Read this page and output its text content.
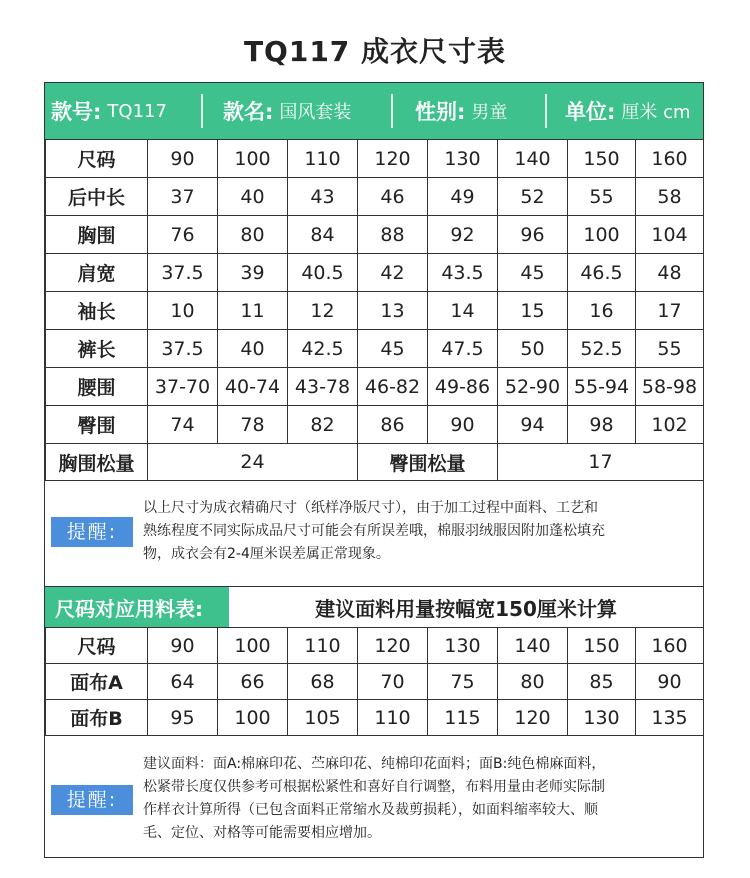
TQ117 成衣尺寸表
款号: TQ117	款名: 国风套装	性别: 男童	单位: 厘米 cm
尺码	90	100	110	120	130	140	150	160
后中长	37	40	43	46	49	52	55	58
胸围	76	80	84	88	92	96	100	104
肩宽	37.5	39	40.5	42	43.5	45	46.5	48
袖长	10	11	12	13	14	15	16	17
裤长	37.5	40	42.5	45	47.5	50	52.5	55
腰围	37-70	40-74	43-78	46-82	49-86	52-90	55-94	58-98
臀围	74	78	82	86	90	94	98	102
胸围松量	24			臀围松量		17		
提醒:
以上尺寸为成衣精确尺寸（纸样净版尺寸），由于加工过程中面料、工艺和
熟练程度不同实际成品尺寸可能会有所误差哦，棉服羽绒服因附加蓬松填充
物，成衣会有2-4厘米误差属正常现象。
尺码对应用料表:	建议面料用量按幅宽150厘米计算
尺码	90	100	110	120	130	140	150	160
面布A	64	66	68	70	75	80	85	90
面布B	95	100	105	110	115	120	130	135
提醒:
建议面料：面A:棉麻印花、苎麻印花、纯棉印花面料；面B:纯色棉麻面料，
松紧带长度仅供参考可根据松紧性和喜好自行调整，布料用量由老师实际制
作样衣计算所得（已包含面料正常缩水及裁剪损耗），如面料缩率较大、顺
毛、定位、对格等可能需要相应增加。
